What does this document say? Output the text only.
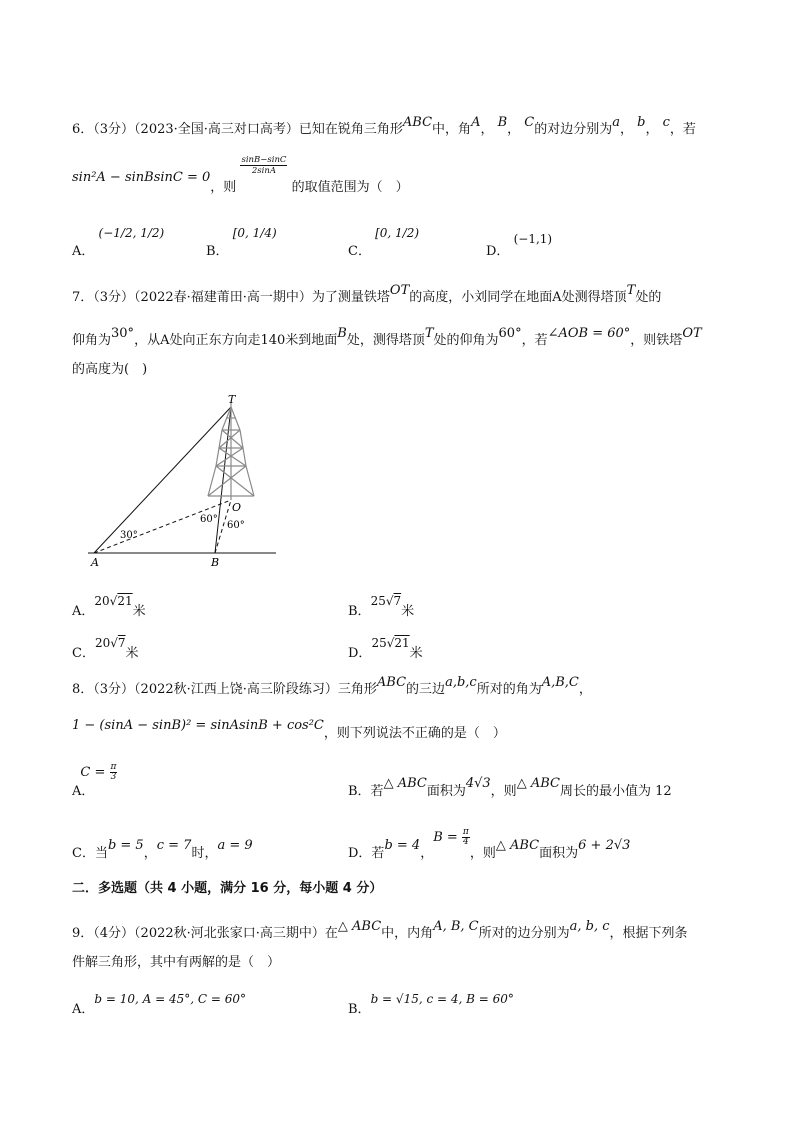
6．（3分）（2023·全国·高三对口高考）已知在锐角三角形ABC中，角A， B， C的对边分别为a， b， c，若
sin²A − sinBsinC = 0，则
$\frac{\sin B-\sin C}{2\sin A}$
的取值范围为（　）
A． (−1/2, 1/2)
B． [0, 1/4)
C． [0, 1/2)
D． (−1,1)
7．（3分）（2022春·福建莆田·高一期中）为了测量铁塔OT的高度，小刘同学在地面A处测得塔顶T处的
仰角为30°，从A处向正东方向走140米到地面B处，测得塔顶T处的仰角为60°，若∠AOB = 60°，则铁塔OT
的高度为(　)
T
O
A	B
30°
60°
60°
A．20√21米	B．25√7米
C．20√7米	D．25√21米
8．（3分）（2022秋·江西上饶·高三阶段练习）三角形ABC的三边a,b,c所对的角为A,B,C，
1 − (sinA − sinB)² = sinAsinB + cos²C，则下列说法不正确的是（　）
A．$C = \frac{\pi}{3}$
B．若△ ABC面积为4√3，则△ ABC周长的最小值为 12
C．当b = 5，c = 7时，a = 9
D．若b = 4，$B = \frac{\pi}{4}$
，则△ ABC面积为6 + 2√3
二．多选题（共 4 小题，满分 16 分，每小题 4 分）
9．（4分）（2022秋·河北张家口·高三期中）在△ ABC中，内角A, B, C所对的边分别为a, b, c，根据下列条
件解三角形，其中有两解的是（　）
A．b = 10, A = 45°, C = 60°
B．b = √15, c = 4, B = 60°
